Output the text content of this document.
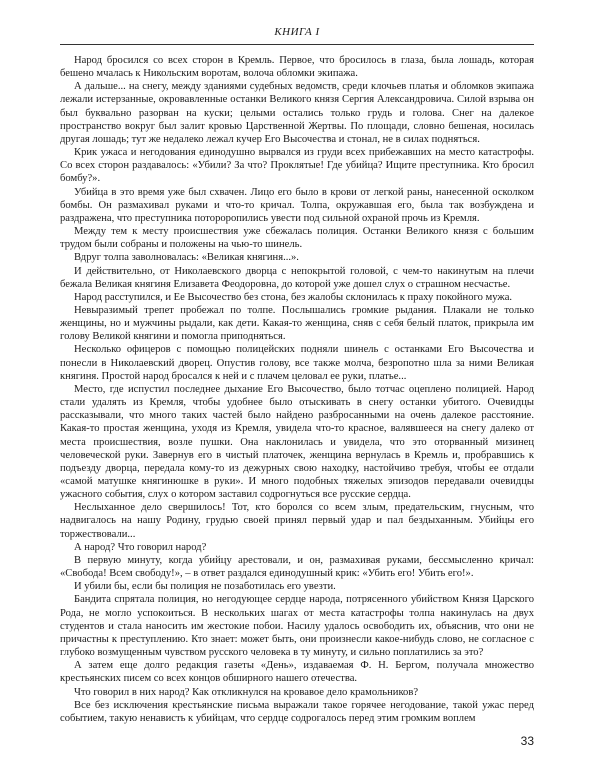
КНИГА I

Народ бросился со всех сторон в Кремль. Первое, что бросилось в глаза, была лошадь, которая бешено мчалась к Никольским воротам, волоча обломки экипажа.

А дальше... на снегу, между зданиями судебных ведомств, среди клочьев платья и обломков экипажа лежали истерзанные, окровавленные останки Великого князя Сергия Александровича. Силой взрыва он был буквально разорван на куски; целыми остались только грудь и голова. Снег на далекое пространство вокруг был залит кровью Царственной Жертвы. По площади, словно бешеная, носилась другая лошадь; тут же недалеко лежал кучер Его Высочества и стонал, не в силах подняться.

Крик ужаса и негодования единодушно вырвался из груди всех прибежавших на место катастрофы. Со всех сторон раздавалось: «Убили? За что? Проклятые! Где убийца? Ищите преступника. Кто бросил бомбу?».

Убийца в это время уже был схвачен. Лицо его было в крови от легкой раны, нанесенной осколком бомбы. Он размахивал руками и что-то кричал. Толпа, окружавшая его, была так возбуждена и раздражена, что преступника потороропились увести под сильной охраной прочь из Кремля.

Между тем к месту происшествия уже сбежалась полиция. Останки Великого князя с большим трудом были собраны и положены на чью-то шинель.

Вдруг толпа заволновалась: «Великая княгиня...».

И действительно, от Николаевского дворца с непокрытой головой, с чем-то накинутым на плечи бежала Великая княгиня Елизавета Феодоровна, до которой уже дошел слух о страшном несчастье.

Народ расступился, и Ее Высочество без стона, без жалобы склонилась к праху покойного мужа.

Невыразимый трепет пробежал по толпе. Послышались громкие рыдания. Плакали не только женщины, но и мужчины рыдали, как дети. Какая-то женщина, сняв с себя белый платок, прикрыла им голову Великой княгини и помогла приподняться.

Несколько офицеров с помощью полицейских подняли шинель с останками Его Высочества и понесли в Николаевский дворец. Опустив голову, все также молча, безропотно шла за ними Великая княгиня. Простой народ бросался к ней и с плачем целовал ее руки, платье...

Место, где испустил последнее дыхание Его Высочество, было тотчас оцеплено полицией. Народ стали удалять из Кремля, чтобы удобнее было отыскивать в снегу останки убитого. Очевидцы рассказывали, что много таких частей было найдено разбросанными на очень далекое расстояние. Какая-то простая женщина, уходя из Кремля, увидела что-то красное, валявшееся на снегу далеко от места происшествия, возле пушки. Она наклонилась и увидела, что это оторванный мизинец человеческой руки. Завернув его в чистый платочек, женщина вернулась в Кремль и, пробравшись к подъезду дворца, передала кому-то из дежурных свою находку, настойчиво требуя, чтобы ее отдали «самой матушке княгинюшке в руки». И много подобных тяжелых эпизодов передавали очевидцы ужасного события, слух о котором заставил содрогнуться все русские сердца.

Неслыханное дело свершилось! Тот, кто боролся со всем злым, предательским, гнусным, что надвигалось на нашу Родину, грудью своей принял первый удар и пал бездыханным. Убийцы его торжествовали...

А народ? Что говорил народ?

В первую минуту, когда убийцу арестовали, и он, размахивая руками, бессмысленно кричал: «Свобода! Всем свободу!», – в ответ раздался единодушный крик: «Убить его! Убить его!».

И убили бы, если бы полиция не позаботилась его увезти.

Бандита спрятала полиция, но негодующее сердце народа, потрясенного убийством Князя Царского Рода, не могло успокоиться. В нескольких шагах от места катастрофы толпа накинулась на двух студентов и стала наносить им жестокие побои. Насилу удалось освободить их, объяснив, что они не причастны к преступлению. Кто знает: может быть, они произнесли какое-нибудь слово, не согласное с глубоко возмущенным чувством русского человека в ту минуту, и сильно поплатились за это?

А затем еще долго редакция газеты «День», издаваемая Ф. Н. Бергом, получала множество крестьянских писем со всех концов обширного нашего отечества.

Что говорил в них народ? Как откликнулся на кровавое дело крамольников?

Все без исключения крестьянские письма выражали такое горячее негодование, такой ужас перед событием, такую ненависть к убийцам, что сердце содрогалось перед этим громким воплем

33
